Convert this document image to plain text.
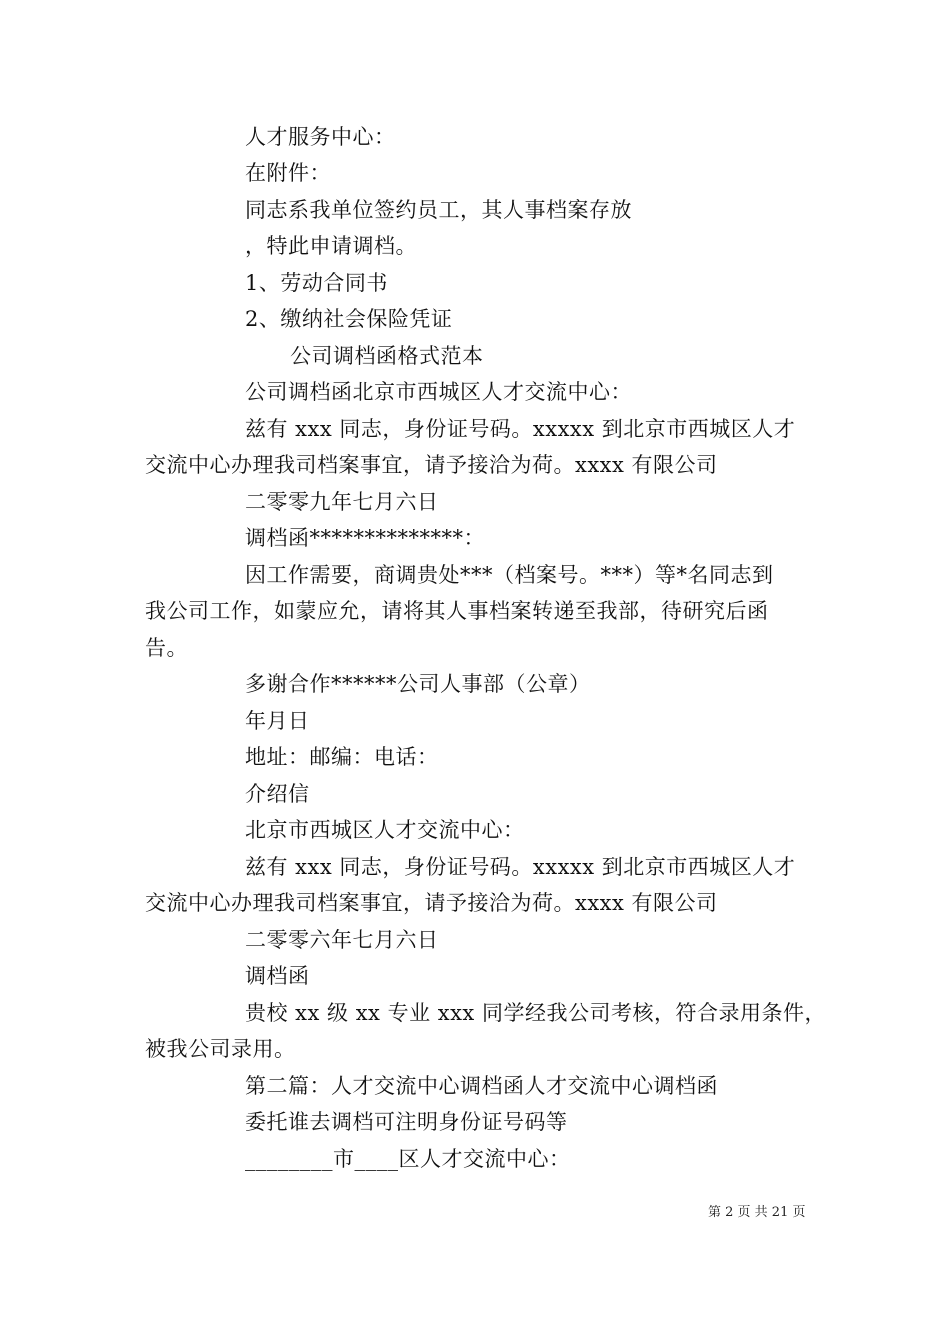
人才服务中心：
在附件：
同志系我单位签约员工，其人事档案存放
，特此申请调档。
1、劳动合同书
2、缴纳社会保险凭证
公司调档函格式范本
公司调档函北京市西城区人才交流中心：
兹有 xxx 同志，身份证号码。xxxxx 到北京市西城区人才
交流中心办理我司档案事宜，请予接洽为荷。xxxx 有限公司
二零零九年七月六日
调档函**************：
因工作需要，商调贵处***（档案号。***）等*名同志到
我公司工作，如蒙应允，请将其人事档案转递至我部，待研究后函
告。
多谢合作******公司人事部（公章）
年月日
地址：邮编：电话：
介绍信
北京市西城区人才交流中心：
兹有 xxx 同志，身份证号码。xxxxx 到北京市西城区人才
交流中心办理我司档案事宜，请予接洽为荷。xxxx 有限公司
二零零六年七月六日
调档函
贵校 xx 级 xx 专业 xxx 同学经我公司考核，符合录用条件，
被我公司录用。
第二篇：人才交流中心调档函人才交流中心调档函
委托谁去调档可注明身份证号码等
________市____区人才交流中心：
第 2 页 共 21 页
